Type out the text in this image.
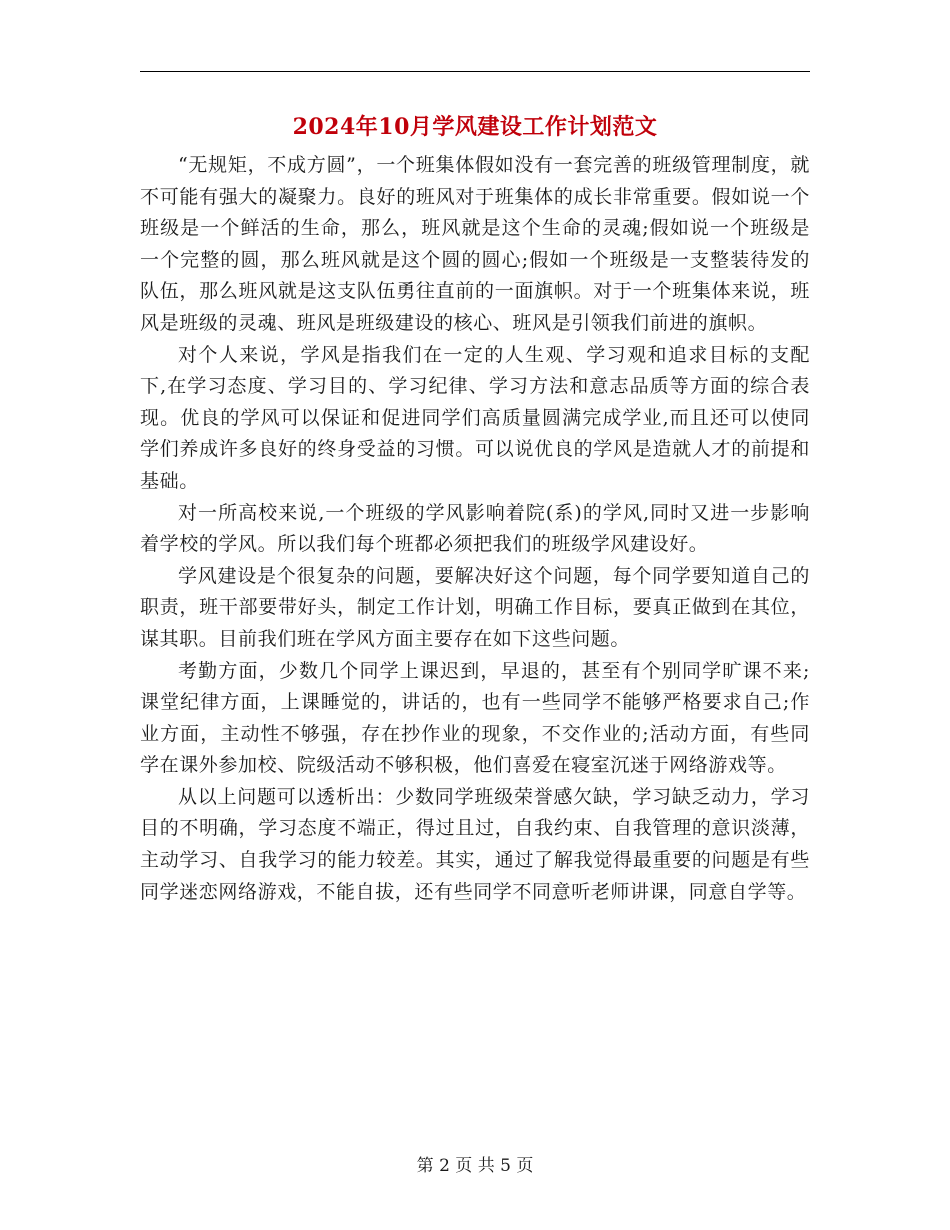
2024年10月学风建设工作计划范文

“无规矩，不成方圆”，一个班集体假如没有一套完善的班级管理制度，就不可能有强大的凝聚力。良好的班风对于班集体的成长非常重要。假如说一个班级是一个鲜活的生命，那么，班风就是这个生命的灵魂;假如说一个班级是一个完整的圆，那么班风就是这个圆的圆心;假如一个班级是一支整装待发的队伍，那么班风就是这支队伍勇往直前的一面旗帜。对于一个班集体来说，班风是班级的灵魂、班风是班级建设的核心、班风是引领我们前进的旗帜。

对个人来说，学风是指我们在一定的人生观、学习观和追求目标的支配下,在学习态度、学习目的、学习纪律、学习方法和意志品质等方面的综合表现。优良的学风可以保证和促进同学们高质量圆满完成学业,而且还可以使同学们养成许多良好的终身受益的习惯。可以说优良的学风是造就人才的前提和基础。

对一所高校来说,一个班级的学风影响着院(系)的学风,同时又进一步影响着学校的学风。所以我们每个班都必须把我们的班级学风建设好。

学风建设是个很复杂的问题，要解决好这个问题，每个同学要知道自己的职责，班干部要带好头，制定工作计划，明确工作目标，要真正做到在其位，谋其职。目前我们班在学风方面主要存在如下这些问题。

考勤方面，少数几个同学上课迟到，早退的，甚至有个别同学旷课不来;课堂纪律方面，上课睡觉的，讲话的，也有一些同学不能够严格要求自己;作业方面，主动性不够强，存在抄作业的现象，不交作业的;活动方面，有些同学在课外参加校、院级活动不够积极，他们喜爱在寝室沉迷于网络游戏等。

从以上问题可以透析出：少数同学班级荣誉感欠缺，学习缺乏动力，学习目的不明确，学习态度不端正，得过且过，自我约束、自我管理的意识淡薄，主动学习、自我学习的能力较差。其实，通过了解我觉得最重要的问题是有些同学迷恋网络游戏，不能自拔，还有些同学不同意听老师讲课，同意自学等。

第 2 页 共 5 页
